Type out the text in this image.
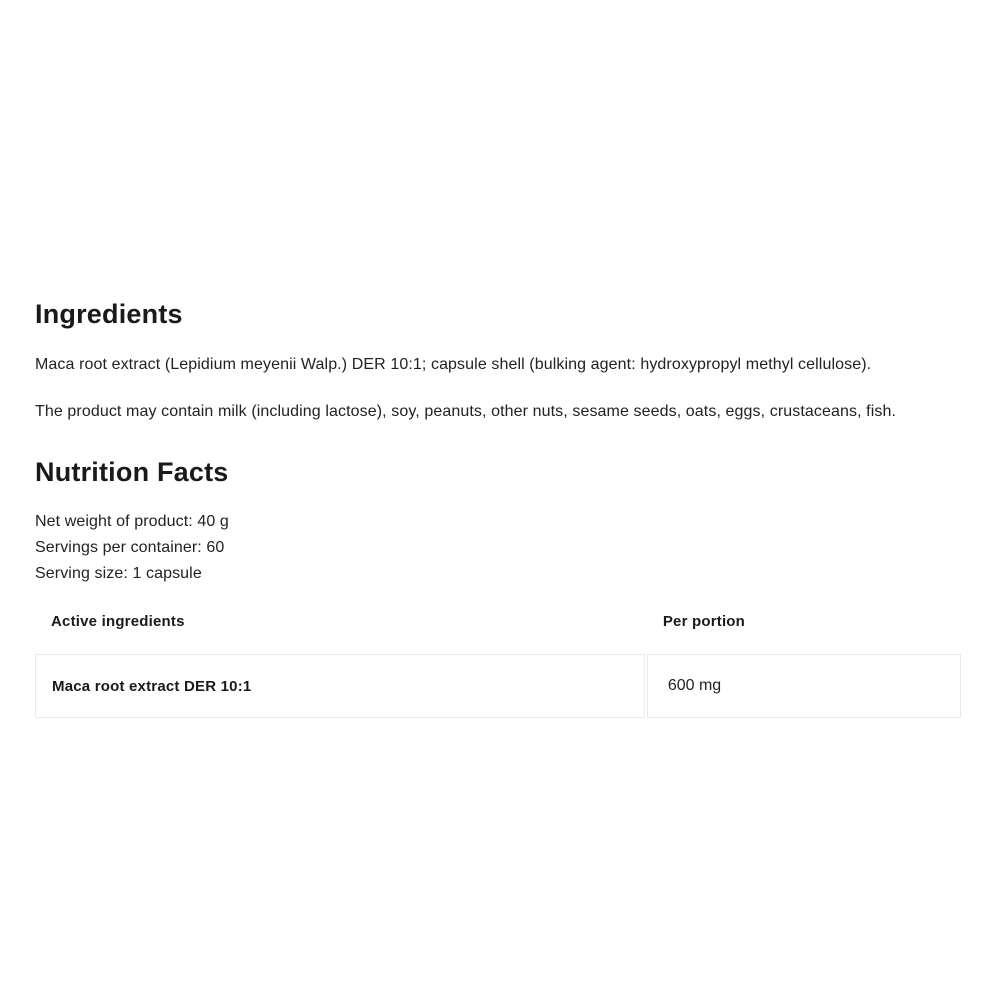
Ingredients

Maca root extract (Lepidium meyenii Walp.) DER 10:1; capsule shell (bulking agent: hydroxypropyl methyl cellulose).

The product may contain milk (including lactose), soy, peanuts, other nuts, sesame seeds, oats, eggs, crustaceans, fish.

Nutrition Facts
Net weight of product: 40 g
Servings per container: 60
Serving size: 1 capsule
Active ingredients	Per portion
Maca root extract DER 10:1	600 mg
